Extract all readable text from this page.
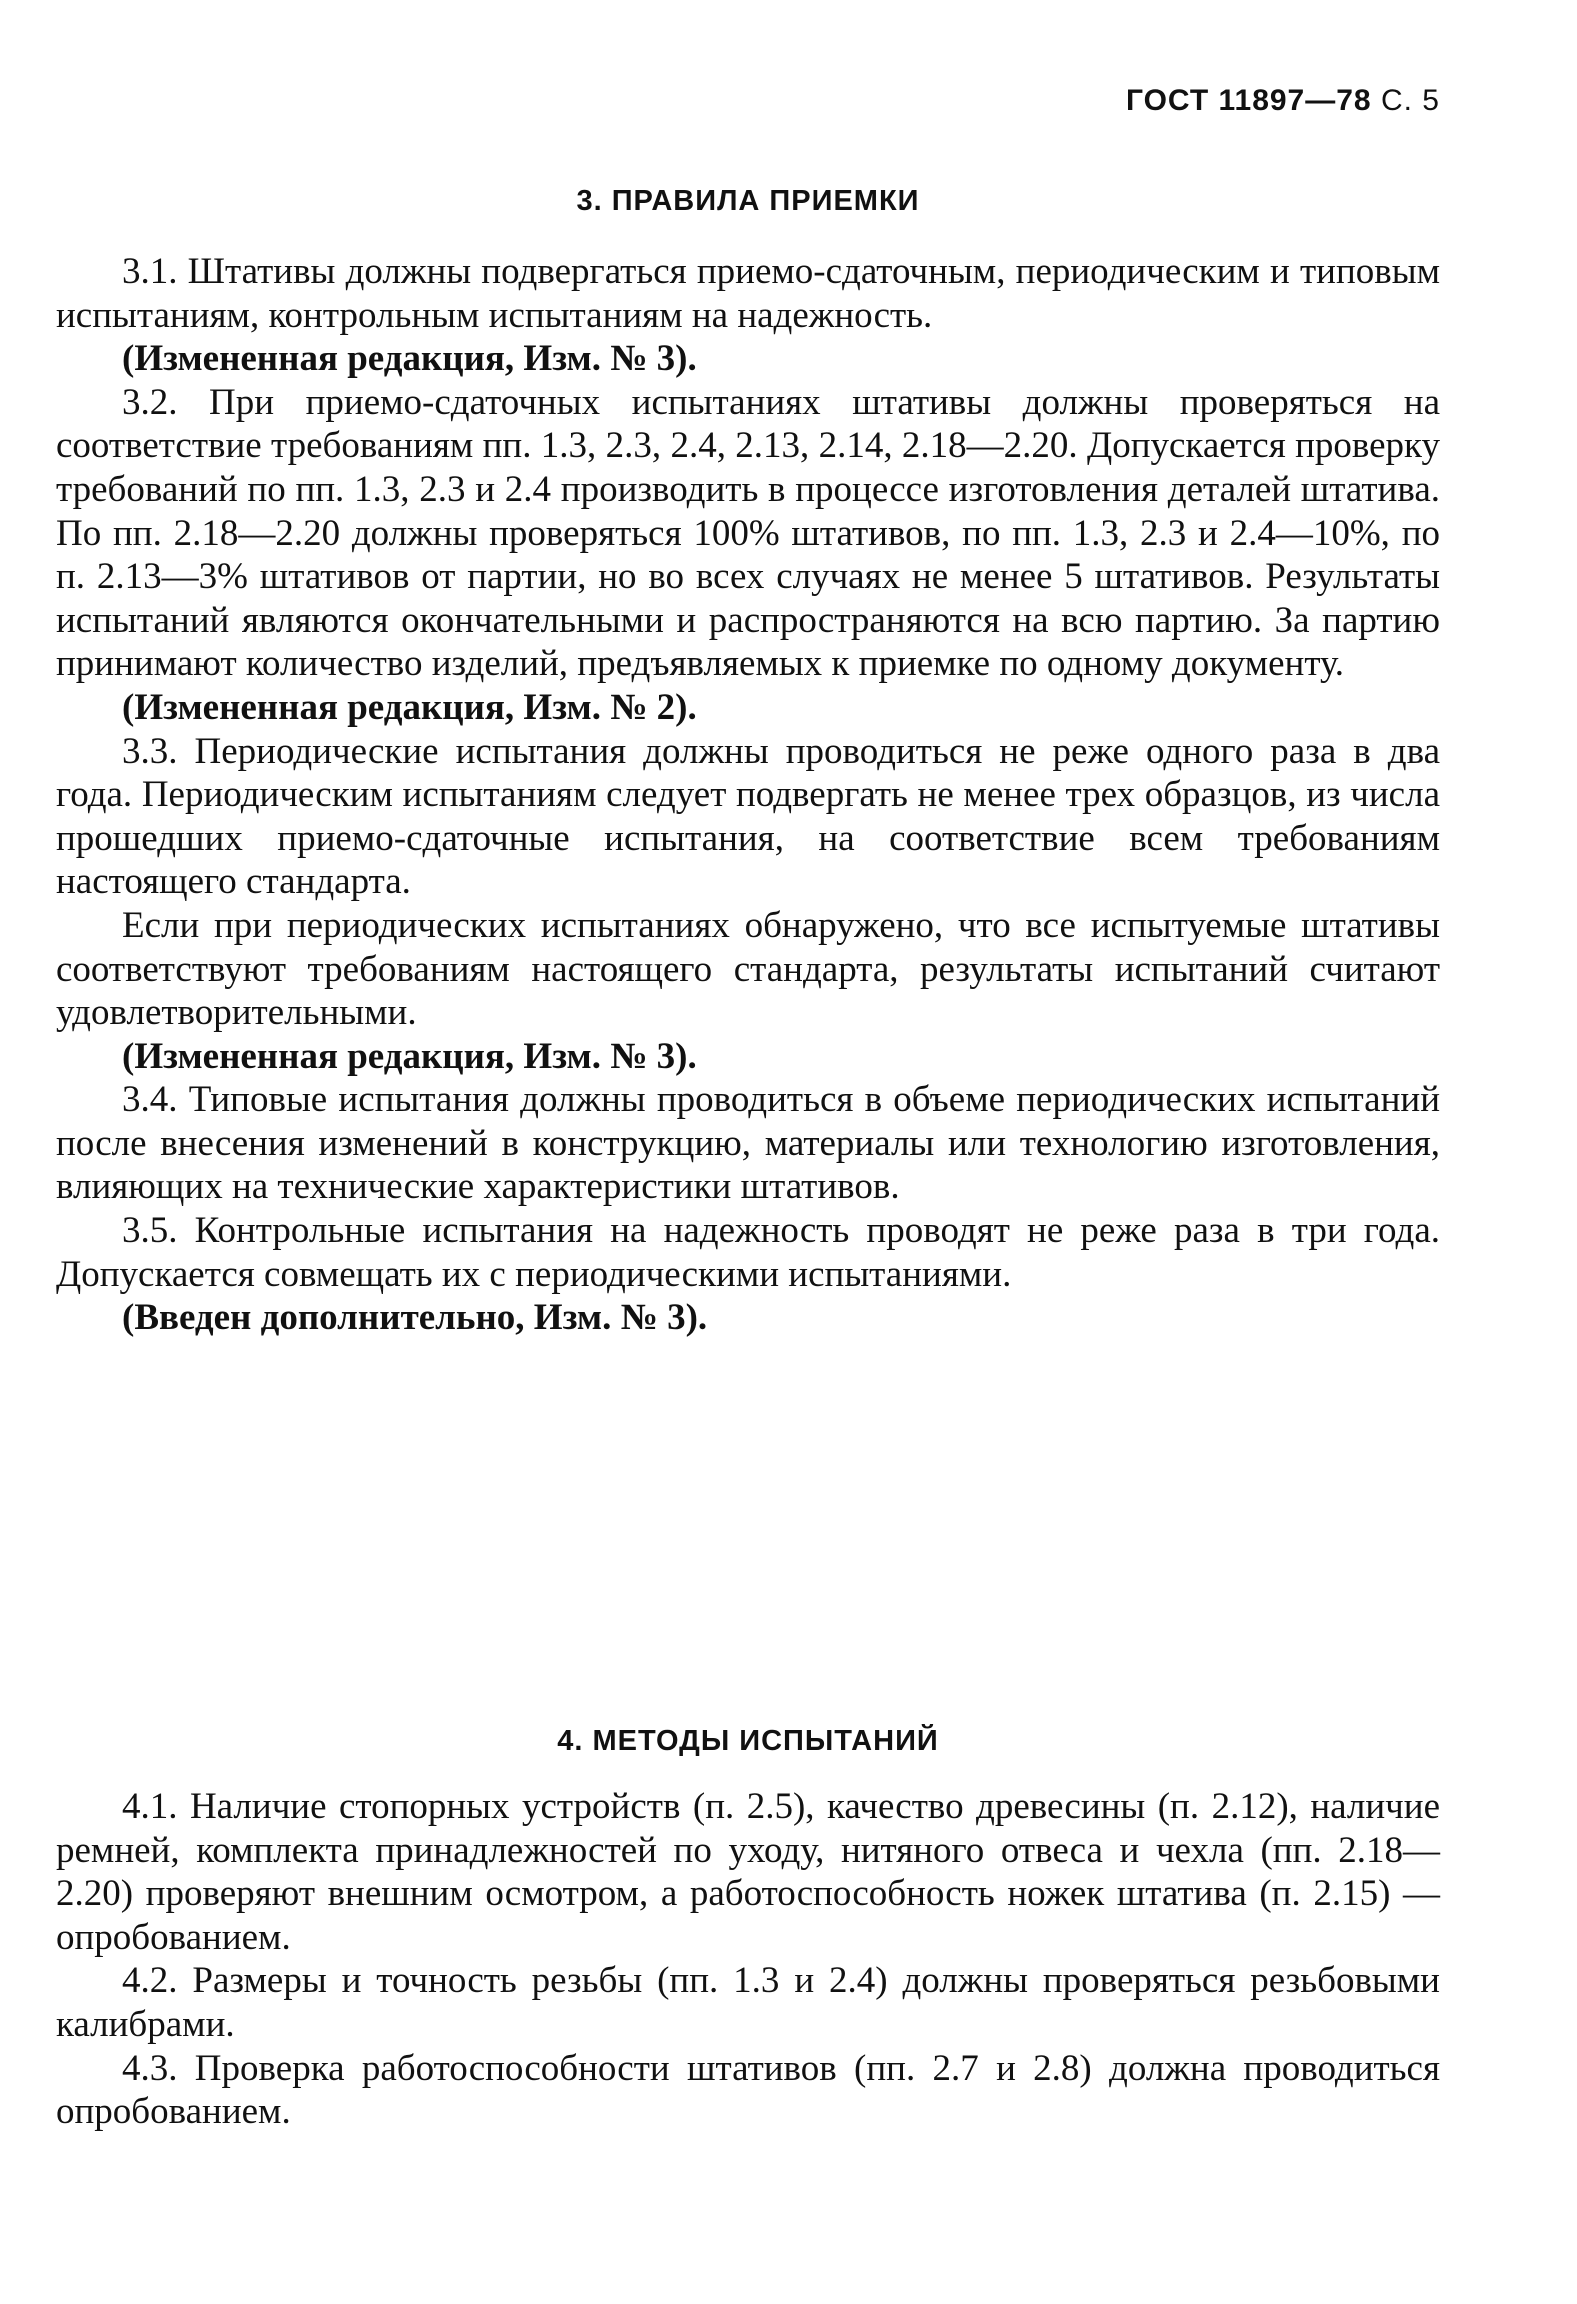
ГОСТ 11897—78 С. 5
3. ПРАВИЛА ПРИЕМКИ

3.1. Штативы должны подвергаться приемо-сдаточным, периодическим и типовым испытаниям, контрольным испытаниям на надежность.

(Измененная редакция, Изм. № 3).

3.2. При приемо-сдаточных испытаниях штативы должны проверяться на соответствие требованиям пп. 1.3, 2.3, 2.4, 2.13, 2.14, 2.18—2.20. Допускается проверку требований по пп. 1.3, 2.3 и 2.4 производить в процессе изготовления деталей штатива. По пп. 2.18—2.20 должны проверяться 100% штативов, по пп. 1.3, 2.3 и 2.4—10%, по п. 2.13—3% штативов от партии, но во всех случаях не менее 5 штативов. Результаты испытаний являются окончательными и распространяются на всю партию. За партию принимают количество изделий, предъявляемых к приемке по одному документу.

(Измененная редакция, Изм. № 2).

3.3. Периодические испытания должны проводиться не реже одного раза в два года. Периодическим испытаниям следует подвергать не менее трех образцов, из числа прошедших приемо-сдаточные испытания, на соответствие всем требованиям настоящего стандарта.

Если при периодических испытаниях обнаружено, что все испытуемые штативы соответствуют требованиям настоящего стандарта, результаты испытаний считают удовлетворительными.

(Измененная редакция, Изм. № 3).

3.4. Типовые испытания должны проводиться в объеме периодических испытаний после внесения изменений в конструкцию, материалы или технологию изготовления, влияющих на технические характеристики штативов.

3.5. Контрольные испытания на надежность проводят не реже раза в три года. Допускается совмещать их с периодическими испытаниями.

(Введен дополнительно, Изм. № 3).

4. МЕТОДЫ ИСПЫТАНИЙ

4.1. Наличие стопорных устройств (п. 2.5), качество древесины (п. 2.12), наличие ремней, комплекта принадлежностей по уходу, нитяного отвеса и чехла (пп. 2.18—2.20) проверяют внешним осмотром, а работоспособность ножек штатива (п. 2.15) — опробованием.

4.2. Размеры и точность резьбы (пп. 1.3 и 2.4) должны проверяться резьбовыми калибрами.

4.3. Проверка работоспособности штативов (пп. 2.7 и 2.8) должна проводиться опробованием.
